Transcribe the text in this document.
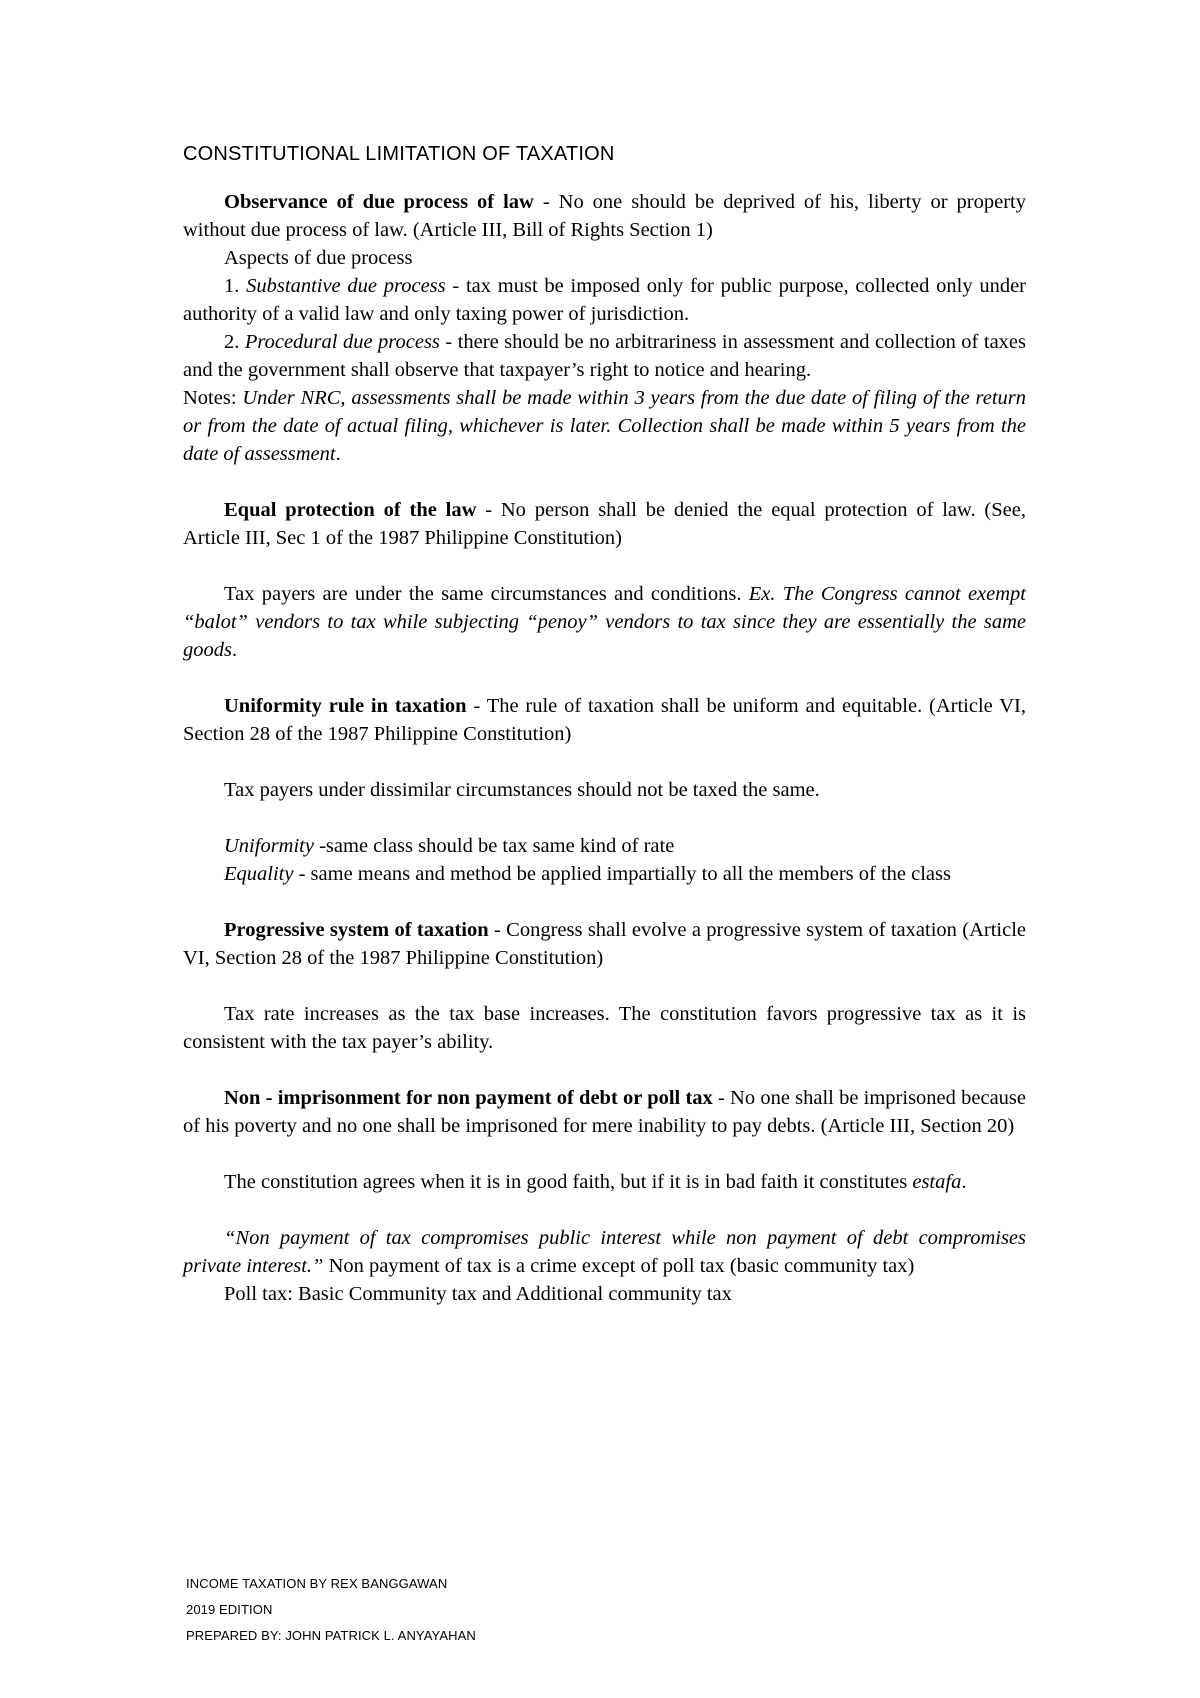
CONSTITUTIONAL LIMITATION OF TAXATION

Observance of due process of law - No one should be deprived of his, liberty or property without due process of law. (Article III, Bill of Rights Section 1)

Aspects of due process

1. Substantive due process - tax must be imposed only for public purpose, collected only under authority of a valid law and only taxing power of jurisdiction.

2. Procedural due process - there should be no arbitrariness in assessment and collection of taxes and the government shall observe that taxpayer’s right to notice and hearing.

Notes: Under NRC, assessments shall be made within 3 years from the due date of filing of the return or from the date of actual filing, whichever is later. Collection shall be made within 5 years from the date of assessment.

Equal protection of the law - No person shall be denied the equal protection of law. (See, Article III, Sec 1 of the 1987 Philippine Constitution)

Tax payers are under the same circumstances and conditions. Ex. The Congress cannot exempt “balot” vendors to tax while subjecting “penoy” vendors to tax since they are essentially the same goods.

Uniformity rule in taxation - The rule of taxation shall be uniform and equitable. (Article VI, Section 28 of the 1987 Philippine Constitution)

Tax payers under dissimilar circumstances should not be taxed the same.

Uniformity -same class should be tax same kind of rate

Equality - same means and method be applied impartially to all the members of the class

Progressive system of taxation - Congress shall evolve a progressive system of taxation (Article VI, Section 28 of the 1987 Philippine Constitution)

Tax rate increases as the tax base increases. The constitution favors progressive tax as it is consistent with the tax payer’s ability.

Non - imprisonment for non payment of debt or poll tax - No one shall be imprisoned because of his poverty and no one shall be imprisoned for mere inability to pay debts. (Article III, Section 20)

The constitution agrees when it is in good faith, but if it is in bad faith it constitutes estafa.

“Non payment of tax compromises public interest while non payment of debt compromises private interest.” Non payment of tax is a crime except of poll tax (basic community tax)

Poll tax: Basic Community tax and Additional community tax

INCOME TAXATION BY REX BANGGAWAN
2019 EDITION
PREPARED BY: JOHN PATRICK L. ANYAYAHAN
